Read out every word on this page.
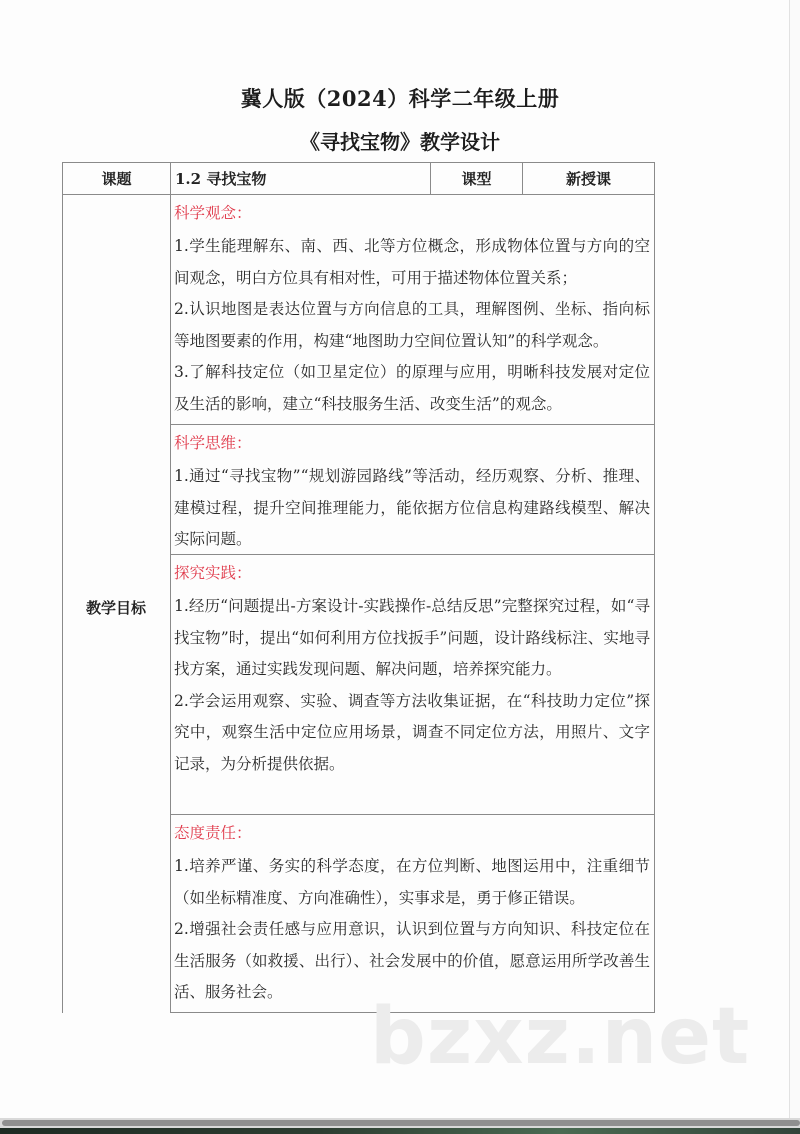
冀人版（2024）科学二年级上册
《寻找宝物》教学设计
课题	1.2 寻找宝物	课型	新授课
教学目标
科学观念：

1.学生能理解东、南、西、北等方位概念，形成物体位置与方向的空间观念，明白方位具有相对性，可用于描述物体位置关系；

2.认识地图是表达位置与方向信息的工具，理解图例、坐标、指向标等地图要素的作用，构建“地图助力空间位置认知”的科学观念。

3.了解科技定位（如卫星定位）的原理与应用，明晰科技发展对定位及生活的影响，建立“科技服务生活、改变生活”的观念。

科学思维：

1.通过“寻找宝物”“规划游园路线”等活动，经历观察、分析、推理、建模过程，提升空间推理能力，能依据方位信息构建路线模型、解决实际问题。

探究实践：

1.经历“问题提出-方案设计-实践操作-总结反思”完整探究过程，如“寻找宝物”时，提出“如何利用方位找扳手”问题，设计路线标注、实地寻找方案，通过实践发现问题、解决问题，培养探究能力。

2.学会运用观察、实验、调查等方法收集证据，在“科技助力定位”探究中，观察生活中定位应用场景，调查不同定位方法，用照片、文字记录，为分析提供依据。

态度责任：

1.培养严谨、务实的科学态度，在方位判断、地图运用中，注重细节（如坐标精准度、方向准确性），实事求是，勇于修正错误。

2.增强社会责任感与应用意识，认识到位置与方向知识、科技定位在生活服务（如救援、出行）、社会发展中的价值，愿意运用所学改善生活、服务社会。	bzxz.net
